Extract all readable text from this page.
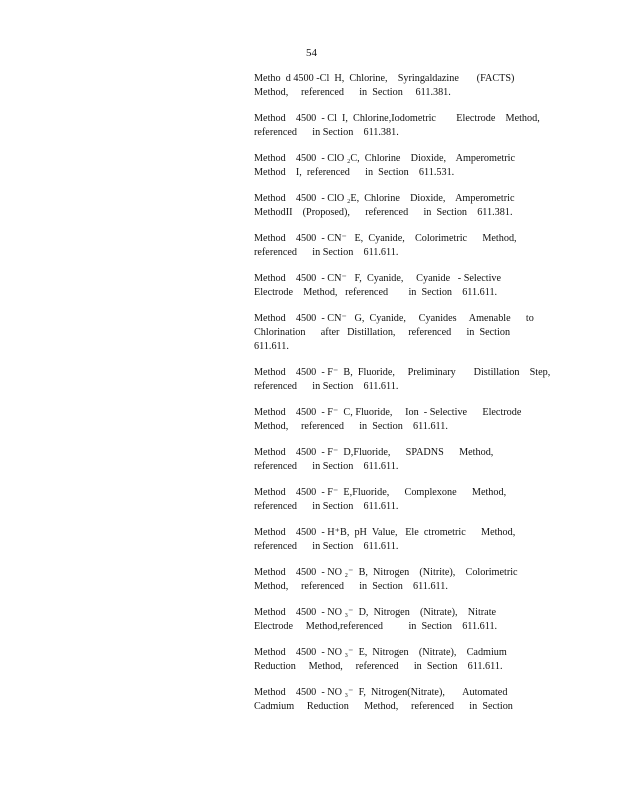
54
Metho  d 4500 -Cl  H,  Chlorine,    Syringaldazine       (FACTS)
Method,     referenced      in  Section     611.381.
Method    4500  - Cl  I,  Chlorine,Iodometric        Electrode    Method,
referenced      in Section    611.381.
Method    4500  - ClO ₂C,  Chlorine    Dioxide,    Amperometric
Method    I,  referenced      in  Section    611.531.
Method    4500  - ClO ₂E,  Chlorine    Dioxide,    Amperometric
MethodII    (Proposed),      referenced      in  Section    611.381.
Method    4500  - CN⁻   E,  Cyanide,    Colorimetric      Method,
referenced      in Section    611.611.
Method    4500  - CN⁻   F,  Cyanide,     Cyanide   - Selective
Electrode    Method,   referenced        in  Section    611.611.
Method    4500  - CN⁻   G,  Cyanide,     Cyanides     Amenable      to
Chlorination      after   Distillation,     referenced      in  Section
611.611.
Method    4500  - F⁻  B,  Fluoride,     Preliminary       Distillation    Step,
referenced      in Section    611.611.
Method    4500  - F⁻  C, Fluoride,     Ion  - Selective      Electrode
Method,     referenced      in  Section    611.611.
Method    4500  - F⁻  D,Fluoride,      SPADNS      Method,
referenced      in Section    611.611.
Method    4500  - F⁻  E,Fluoride,      Complexone      Method,
referenced      in Section    611.611.
Method    4500  - H⁺B,  pH  Value,   Ele  ctrometric      Method,
referenced      in Section    611.611.
Method    4500  - NO ₂⁻  B,  Nitrogen    (Nitrite),    Colorimetric
Method,     referenced      in  Section    611.611.
Method    4500  - NO ₃⁻  D,  Nitrogen    (Nitrate),    Nitrate
Electrode     Method,referenced          in  Section    611.611.
Method    4500  - NO ₃⁻  E,  Nitrogen    (Nitrate),    Cadmium
Reduction     Method,     referenced      in  Section    611.611.
Method    4500  - NO ₃⁻  F,  Nitrogen(Nitrate),       Automated
Cadmium     Reduction      Method,     referenced      in  Section
